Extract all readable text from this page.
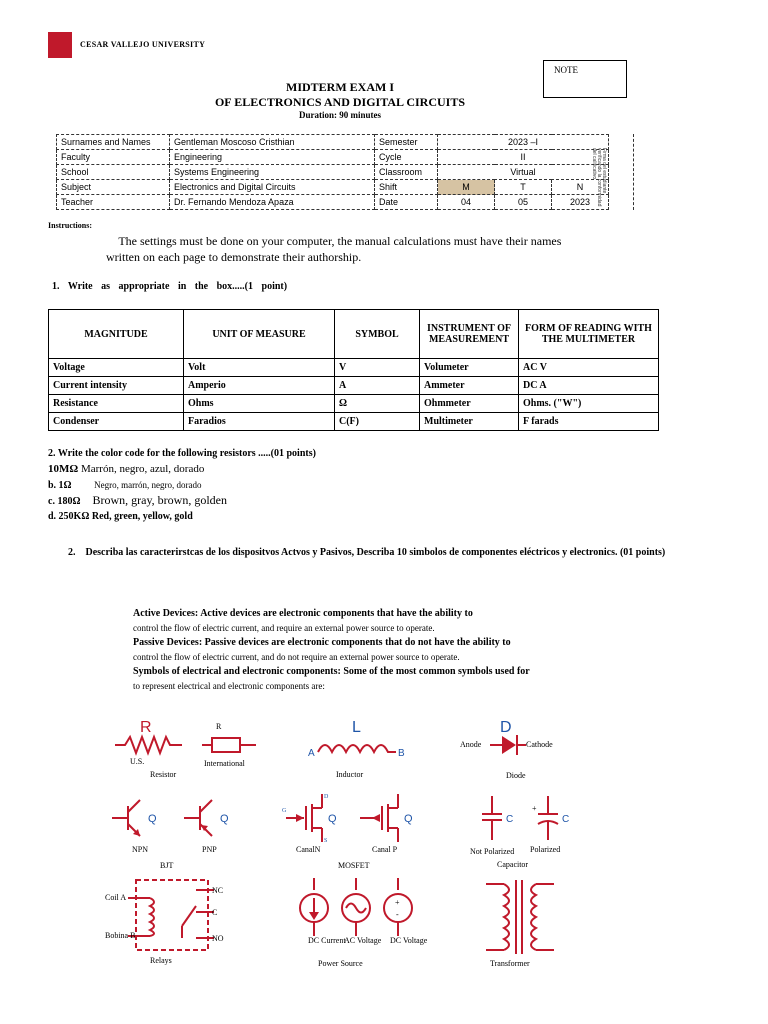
CESAR VALLEJO UNIVERSITY
NOTE
MIDTERM EXAM I
OF ELECTRONICS AND DIGITAL CIRCUITS
Duration: 90 minutes
Surnames and Names	Gentleman Moscoso Cristhian	Semester	2023 –I		
Faculty	Engineering	Cycle	II		
School	Systems Engineering	Classroom	Virtual		
Subject	Electronics and Digital Circuits	Shift	M	T	N
Teacher	Dr. Fernando Mendoza Apaza	Date	04	05	2023
Firma del estudiante verificando la conformidad del calificativo
Instructions:
The settings must be done on your computer, the manual calculations must have their names written on each page to demonstrate their authorship.
1. Write as appropriate in the box.....(1 point)
MAGNITUDE	UNIT OF MEASURE	SYMBOL	INSTRUMENT OF MEASUREMENT	FORM OF READING WITH THE MULTIMETER
Voltage	Volt	V	Volumeter	AC V
Current intensity	Amperio	A	Ammeter	DC A
Resistance	Ohms	Ω	Ohmmeter	Ohms. ("W")
Condenser	Faradios	C(F)	Multimeter	F farads
2. Write the color code for the following resistors .....(01 points)
10MΩ Marrón, negro, azul, dorado
b. 1Ω	Negro, marrón, negro, dorado
c. 180Ω Brown, gray, brown, golden
d. 250KΩ Red, green, yellow, gold
2. Describa las caracterirstcas de los dispositvos Actvos y Pasivos, Describa 10 simbolos de componentes eléctricos y electronics. (01 points)
Active Devices: Active devices are electronic components that have the ability to
control the flow of electric current, and require an external power source to operate.
Passive Devices: Passive devices are electronic components that do not have the ability to
control the flow of electric current, and do not require an external power source to operate.
Symbols of electrical and electronic components: Some of the most common symbols used for
to represent electrical and electronic components are:
R	R
U.S.	International
Resistor
L
A	B
Inductor
D
Anode	Cathode
Diode
Q
NPN
Q
PNP
BJT
G
D
S
Q
CanalN
Q
Canal P
MOSFET
C
Not Polarized
+
C
Polarized
Capacitor
Coil A
Bobina B
NC
C
NO
Relays
DC Current
AC Voltage
+
-
DC Voltage
Power Source	Transformer
